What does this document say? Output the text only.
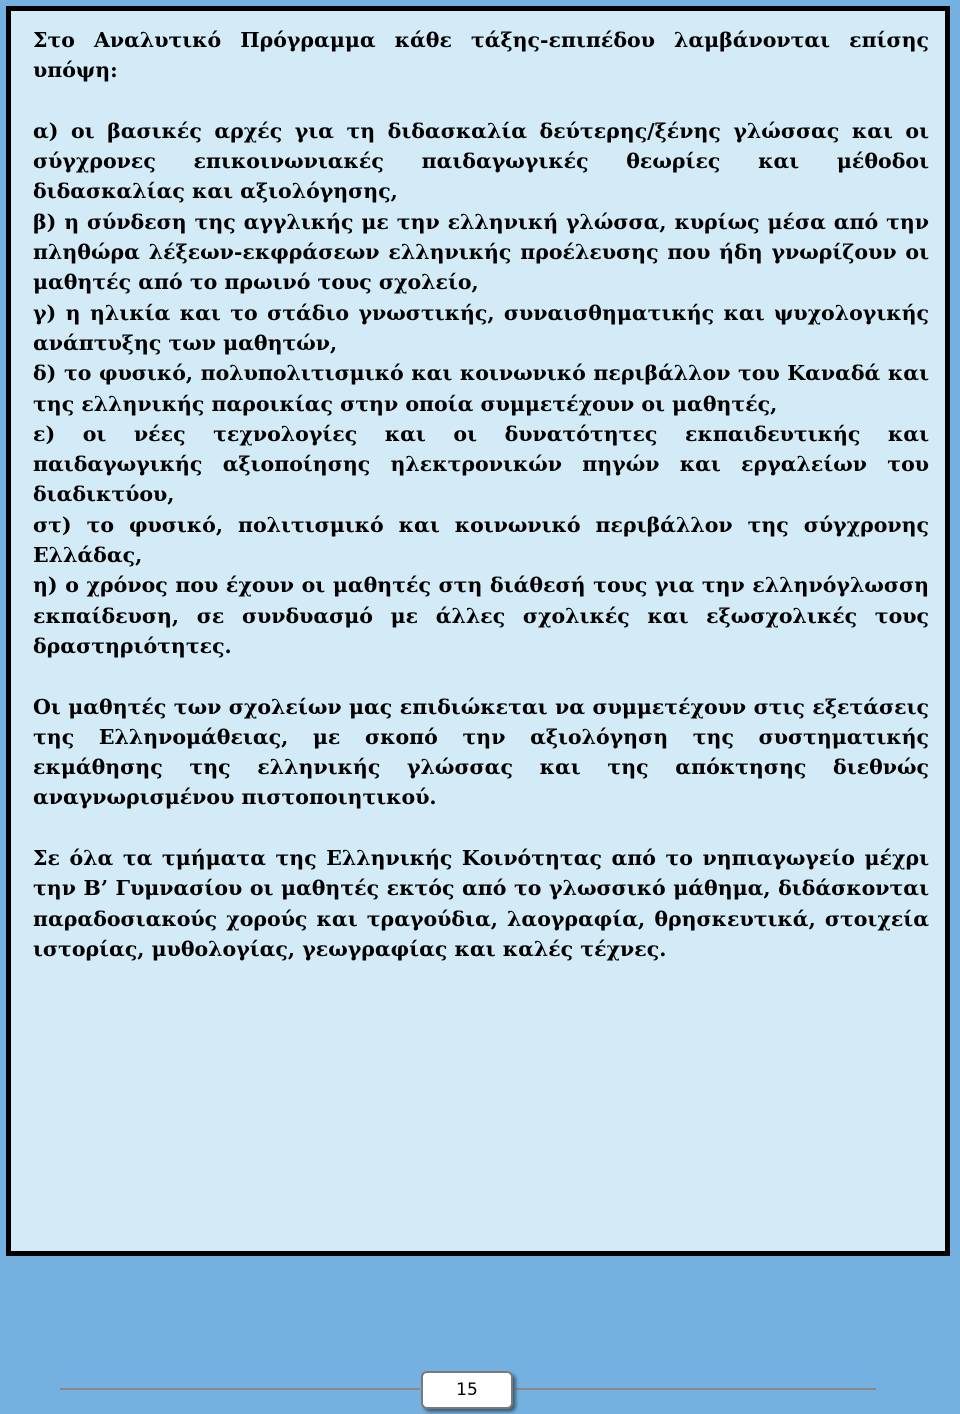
Στο Αναλυτικό Πρόγραμμα κάθε τάξης-επιπέδου λαμβάνονται επίσης υπόψη:

α) οι βασικές αρχές για τη διδασκαλία δεύτερης/ξένης γλώσσας και οι σύγχρονες επικοινωνιακές παιδαγωγικές θεωρίες και μέθοδοι διδασκαλίας και αξιολόγησης,

β) η σύνδεση της αγγλικής με την ελληνική γλώσσα, κυρίως μέσα από την πληθώρα λέξεων-εκφράσεων ελληνικής προέλευσης που ήδη γνωρίζουν οι μαθητές από το πρωινό τους σχολείο,

γ) η ηλικία και το στάδιο γνωστικής, συναισθηματικής και ψυχολογικής ανάπτυξης των μαθητών,

δ) το φυσικό, πολυπολιτισμικό και κοινωνικό περιβάλλον του Καναδά και της ελληνικής παροικίας στην οποία συμμετέχουν οι μαθητές,

ε) οι νέες τεχνολογίες και οι δυνατότητες εκπαιδευτικής και παιδαγωγικής αξιοποίησης ηλεκτρονικών πηγών και εργαλείων του διαδικτύου,

στ) το φυσικό, πολιτισμικό και κοινωνικό περιβάλλον της σύγχρονης Ελλάδας,

η) ο χρόνος που έχουν οι μαθητές στη διάθεσή τους για την ελληνόγλωσση εκπαίδευση, σε συνδυασμό με άλλες σχολικές και εξωσχολικές τους δραστηριότητες.

Οι μαθητές των σχολείων μας επιδιώκεται να συμμετέχουν στις εξετάσεις της Ελληνομάθειας, με σκοπό την αξιολόγηση της συστηματικής εκμάθησης της ελληνικής γλώσσας και της απόκτησης διεθνώς αναγνωρισμένου πιστοποιητικού.

Σε όλα τα τμήματα της Ελληνικής Κοινότητας από το νηπιαγωγείο μέχρι την Β’ Γυμνασίου οι μαθητές εκτός από το γλωσσικό μάθημα, διδάσκονται παραδοσιακούς χορούς και τραγούδια, λαογραφία, θρησκευτικά, στοιχεία ιστορίας, μυθολογίας, γεωγραφίας και καλές τέχνες.

15
